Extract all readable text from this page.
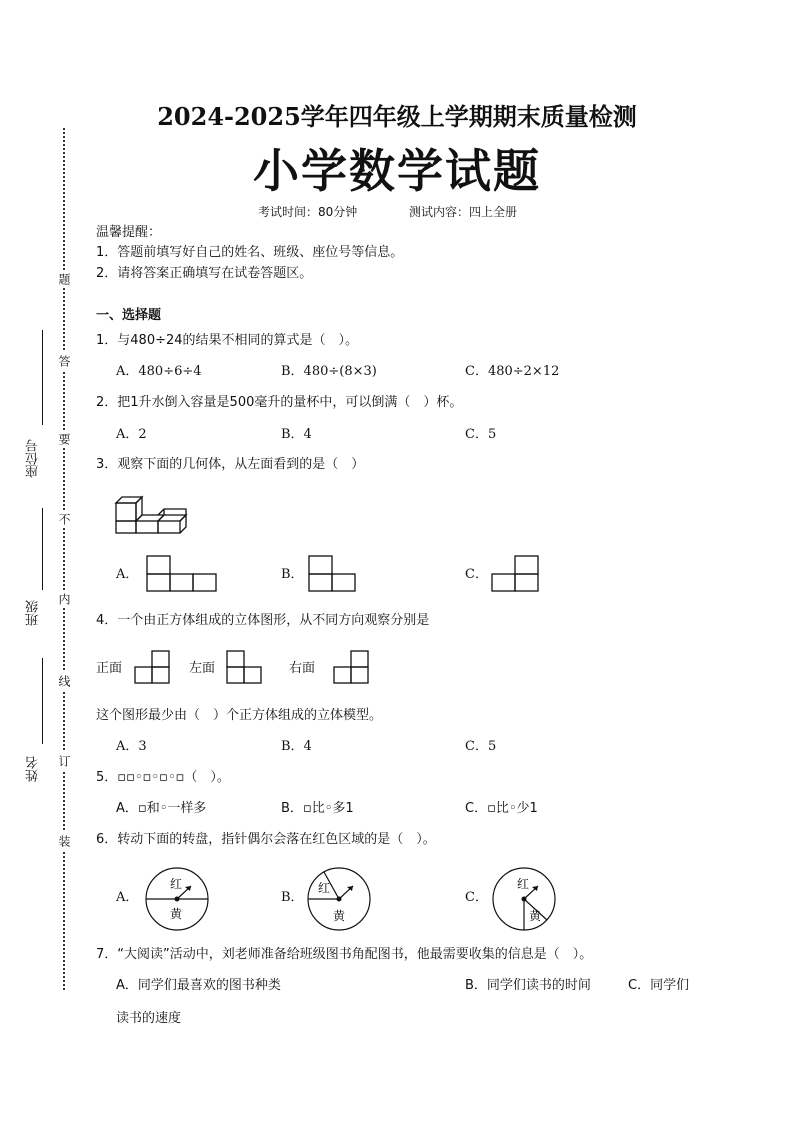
题
答
要
不
内
线
订
装
座位号
班级
姓名
2024-2025学年四年级上学期期末质量检测
小学数学试题
考试时间：80分钟	测试内容：四上全册
温馨提醒：
1．答题前填写好自己的姓名、班级、座位号等信息。
2．请将答案正确填写在试卷答题区。
一、选择题
1．与480÷24的结果不相同的算式是（　）。
A．480÷6÷4	B．480÷(8×3)	C．480÷2×12
2．把1升水倒入容量是500毫升的量杯中，可以倒满（　）杯。
A．2	B．4	C．5
3．观察下面的几何体，从左面看到的是（　）
A．	B．	C．
4．一个由正方体组成的立体图形，从不同方向观察分别是
正面	左面	右面
这个图形最少由（　）个正方体组成的立体模型。
A．3	B．4	C．5
5．▫▫◦▫◦▫◦▫（　）。
A．▫和◦一样多	B．▫比◦多1	C．▫比◦少1
6．转动下面的转盘，指针偶尔会落在红色区域的是（　）。
A．
红
黄
B．
红
黄
C．
红
黄
7．“大阅读”活动中，刘老师准备给班级图书角配图书，他最需要收集的信息是（　）。
A．同学们最喜欢的图书种类	B．同学们读书的时间	C．同学们
读书的速度
